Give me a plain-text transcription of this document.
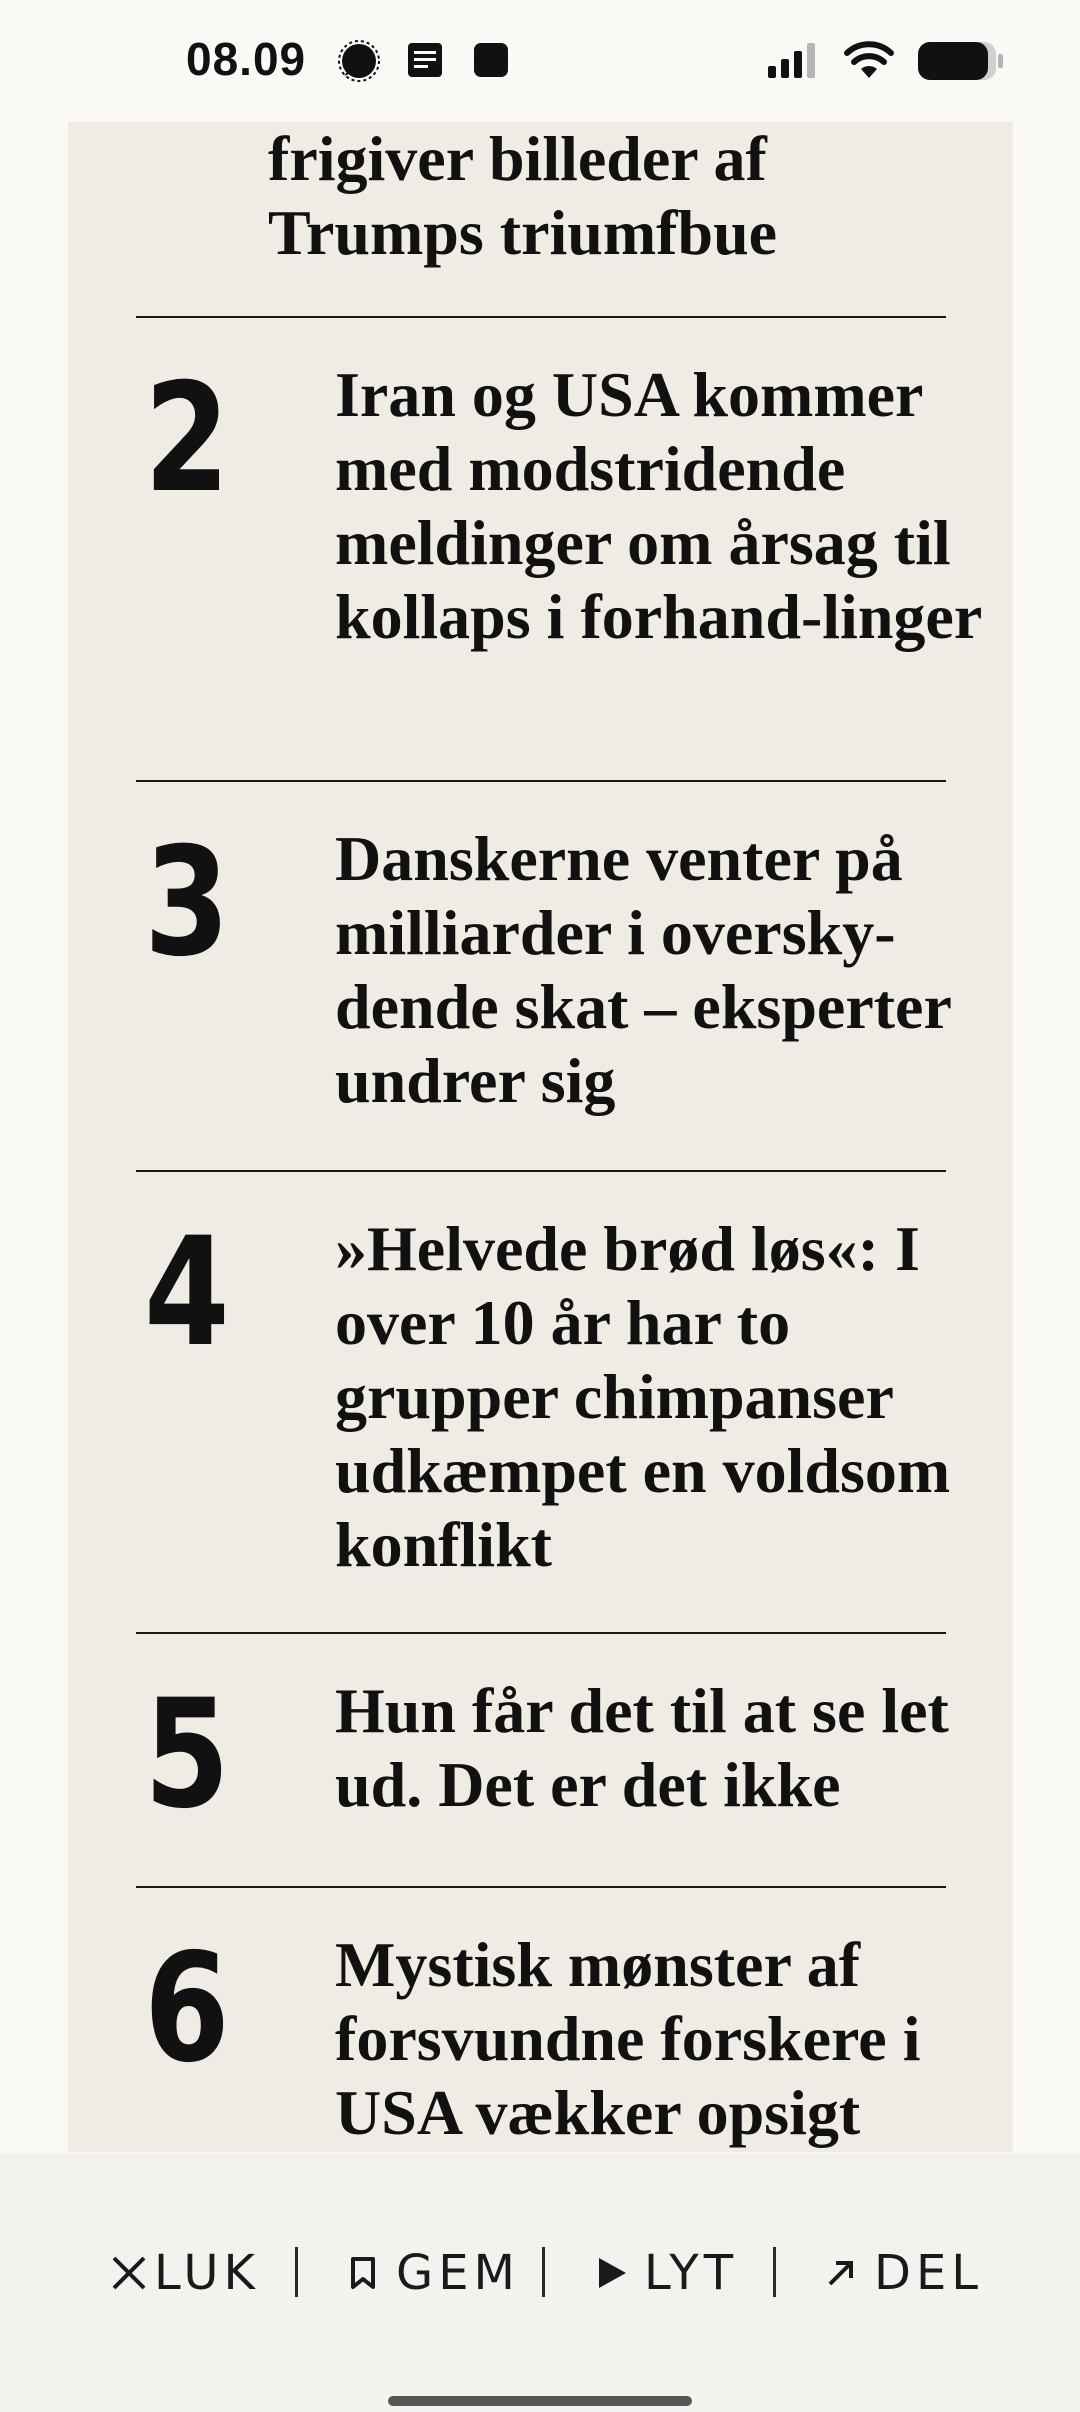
08.09

frigiver billeder af Trumps triumfbue

2 Iran og USA kommer med modstridende meldinger om årsag til kollaps i forhand-linger

3 Danskerne venter på milliarder i oversky-dende skat – eksperter undrer sig

4 »Helvede brød løs«: I over 10 år har to grupper chimpanser udkæmpet en voldsom konflikt

5 Hun får det til at se let ud. Det er det ikke

6 Mystisk mønster af forsvundne forskere i USA vækker opsigt

LUK	GEM	LYT	DEL
